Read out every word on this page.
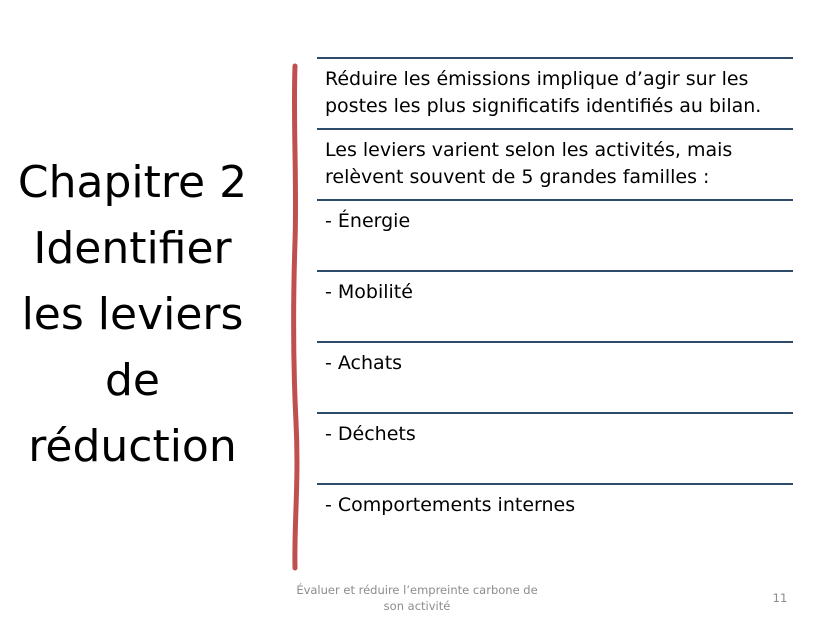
Chapitre 2
Identifier
les leviers
de
réduction
Réduire les émissions implique d’agir sur les postes les plus significatifs identifiés au bilan.
Les leviers varient selon les activités, mais relèvent souvent de 5 grandes familles :
- Énergie
- Mobilité
- Achats
- Déchets
- Comportements internes
Évaluer et réduire l’empreinte carbone de son activité
11
